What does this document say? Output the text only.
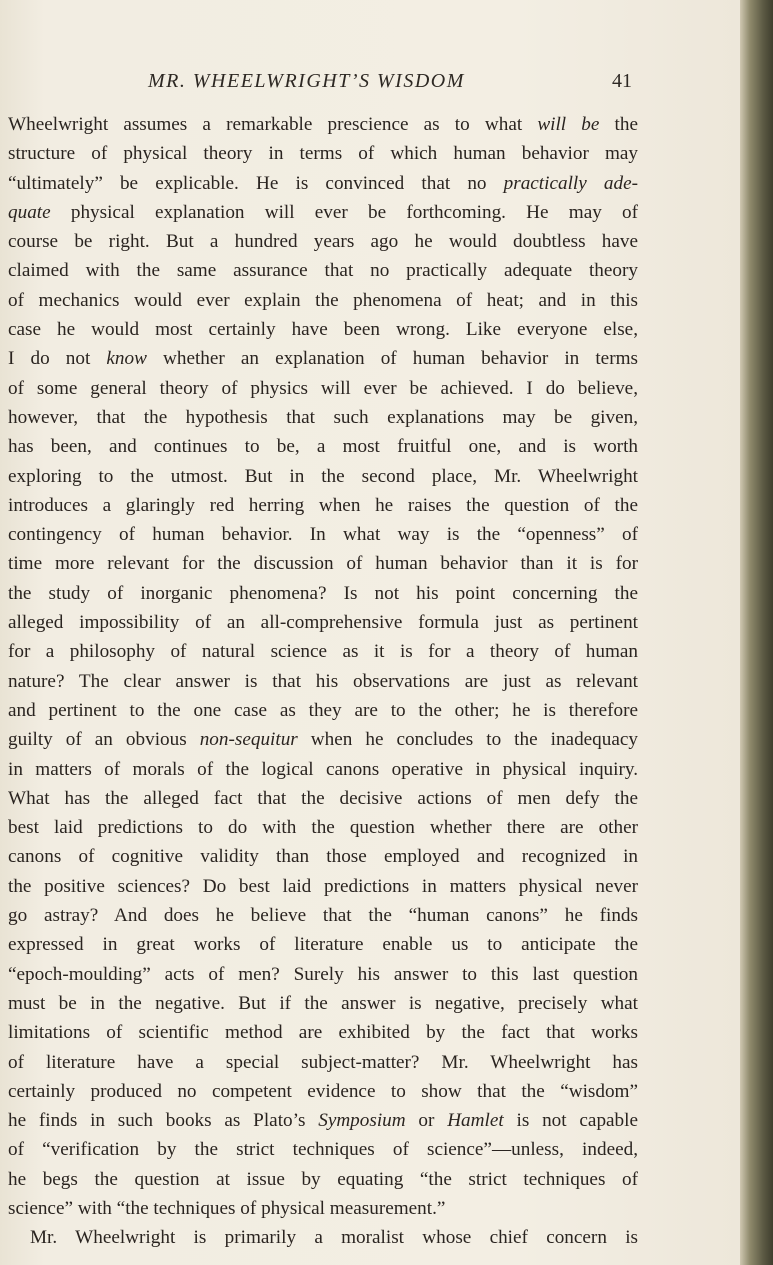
MR. WHEELWRIGHT’S WISDOM	41
Wheelwright assumes a remarkable prescience as to what will be the
structure of physical theory in terms of which human behavior may
“ultimately” be explicable. He is convinced that no practically ade-
quate physical explanation will ever be forthcoming. He may of
course be right. But a hundred years ago he would doubtless have
claimed with the same assurance that no practically adequate theory
of mechanics would ever explain the phenomena of heat; and in this
case he would most certainly have been wrong. Like everyone else,
I do not know whether an explanation of human behavior in terms
of some general theory of physics will ever be achieved. I do believe,
however, that the hypothesis that such explanations may be given,
has been, and continues to be, a most fruitful one, and is worth
exploring to the utmost. But in the second place, Mr. Wheelwright
introduces a glaringly red herring when he raises the question of the
contingency of human behavior. In what way is the “openness” of
time more relevant for the discussion of human behavior than it is for
the study of inorganic phenomena? Is not his point concerning the
alleged impossibility of an all-comprehensive formula just as pertinent
for a philosophy of natural science as it is for a theory of human
nature? The clear answer is that his observations are just as relevant
and pertinent to the one case as they are to the other; he is therefore
guilty of an obvious non-sequitur when he concludes to the inadequacy
in matters of morals of the logical canons operative in physical inquiry.
What has the alleged fact that the decisive actions of men defy the
best laid predictions to do with the question whether there are other
canons of cognitive validity than those employed and recognized in
the positive sciences? Do best laid predictions in matters physical never
go astray? And does he believe that the “human canons” he finds
expressed in great works of literature enable us to anticipate the
“epoch-moulding” acts of men? Surely his answer to this last question
must be in the negative. But if the answer is negative, precisely what
limitations of scientific method are exhibited by the fact that works
of literature have a special subject-matter? Mr. Wheelwright has
certainly produced no competent evidence to show that the “wisdom”
he finds in such books as Plato’s Symposium or Hamlet is not capable
of “verification by the strict techniques of science”—unless, indeed,
he begs the question at issue by equating “the strict techniques of
science” with “the techniques of physical measurement.”
Mr. Wheelwright is primarily a moralist whose chief concern is
